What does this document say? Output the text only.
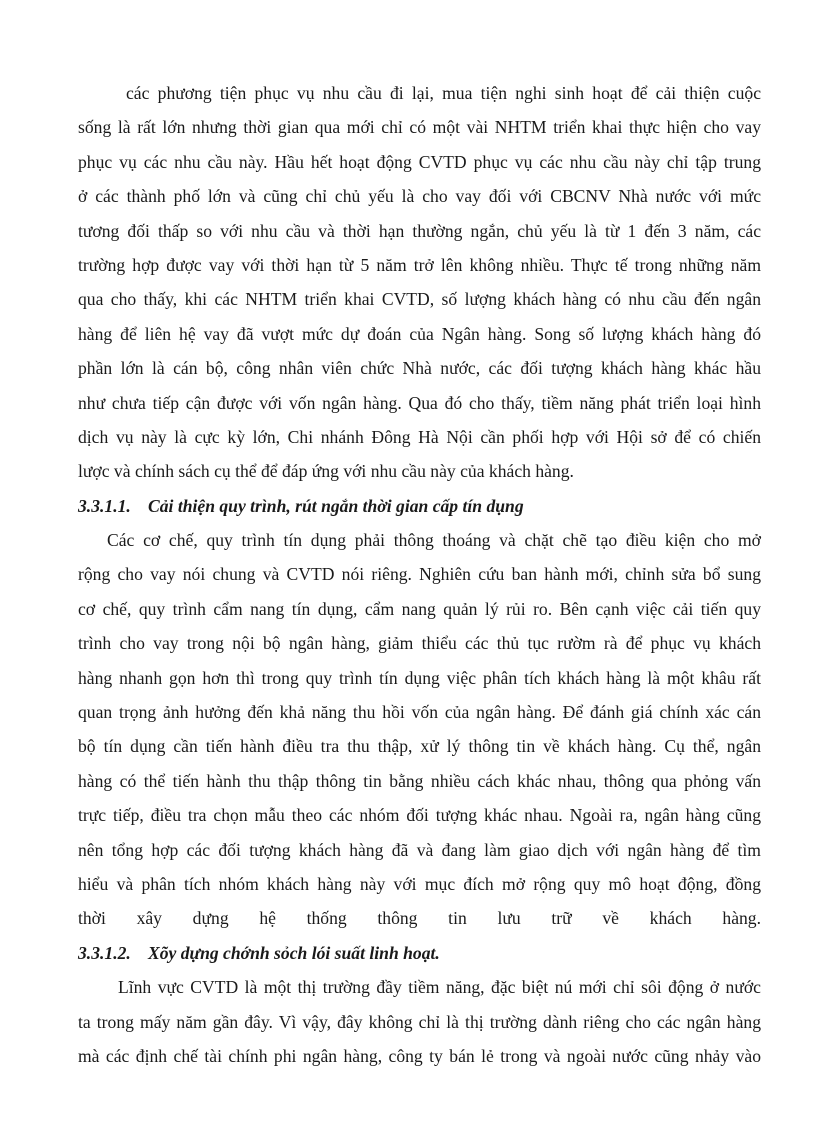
các phương tiện phục vụ nhu cầu đi lại, mua tiện nghi sinh hoạt để cải thiện cuộc
sống là rất lớn nhưng thời gian qua mới chỉ có một vài NHTM triển khai thực hiện cho vay
phục vụ các nhu cầu này. Hầu hết hoạt động CVTD phục vụ các nhu cầu này chỉ tập trung
ở các thành phố lớn và cũng chỉ chủ yếu là cho vay đối với CBCNV Nhà nước với mức
tương đối thấp so với nhu cầu và thời hạn thường ngắn, chủ yếu là từ 1 đến 3 năm, các
trường hợp được vay với thời hạn từ 5 năm trở lên không nhiều. Thực tế trong những năm
qua cho thấy, khi các NHTM triển khai CVTD, số lượng khách hàng có nhu cầu đến ngân
hàng để liên hệ vay đã vượt mức dự đoán của Ngân hàng. Song số lượng khách hàng đó
phần lớn là cán bộ, công nhân viên chức Nhà nước, các đối tượng khách hàng khác hầu
như chưa tiếp cận được với vốn ngân hàng. Qua đó cho thấy, tiềm năng phát triển loại hình
dịch vụ này là cực kỳ lớn, Chi nhánh Đông Hà Nội cần phối hợp với Hội sở để có chiến
lược và chính sách cụ thể để đáp ứng với nhu cầu này của khách hàng.
3.3.1.1. Cải thiện quy trình, rút ngắn thời gian cấp tín dụng
Các cơ chế, quy trình tín dụng phải thông thoáng và chặt chẽ tạo điều kiện cho mở
rộng cho vay nói chung và CVTD nói riêng. Nghiên cứu ban hành mới, chỉnh sửa bổ sung
cơ chế, quy trình cẩm nang tín dụng, cẩm nang quản lý rủi ro. Bên cạnh việc cải tiến quy
trình cho vay trong nội bộ ngân hàng, giảm thiểu các thủ tục rườm rà để phục vụ khách
hàng nhanh gọn hơn thì trong quy trình tín dụng việc phân tích khách hàng là một khâu rất
quan trọng ảnh hưởng đến khả năng thu hồi vốn của ngân hàng. Để đánh giá chính xác cán
bộ tín dụng cần tiến hành điều tra thu thập, xử lý thông tin về khách hàng. Cụ thể, ngân
hàng có thể tiến hành thu thập thông tin bằng nhiều cách khác nhau, thông qua phỏng vấn
trực tiếp, điều tra chọn mẫu theo các nhóm đối tượng khác nhau. Ngoài ra, ngân hàng cũng
nên tổng hợp các đối tượng khách hàng đã và đang làm giao dịch với ngân hàng để tìm
hiểu và phân tích nhóm khách hàng này với mục đích mở rộng quy mô hoạt động, đồng
thời xây dựng hệ thống thông tin lưu trữ về khách hàng.
3.3.1.2. Xõy dựng chớnh sỏch lói suất linh hoạt.
Lĩnh vực CVTD là một thị trường đầy tiềm năng, đặc biệt nú mới chỉ sôi động ở nước
ta trong mấy năm gần đây. Vì vậy, đây không chỉ là thị trường dành riêng cho các ngân hàng
mà các định chế tài chính phi ngân hàng, công ty bán lẻ trong và ngoài nước cũng nhảy vào
